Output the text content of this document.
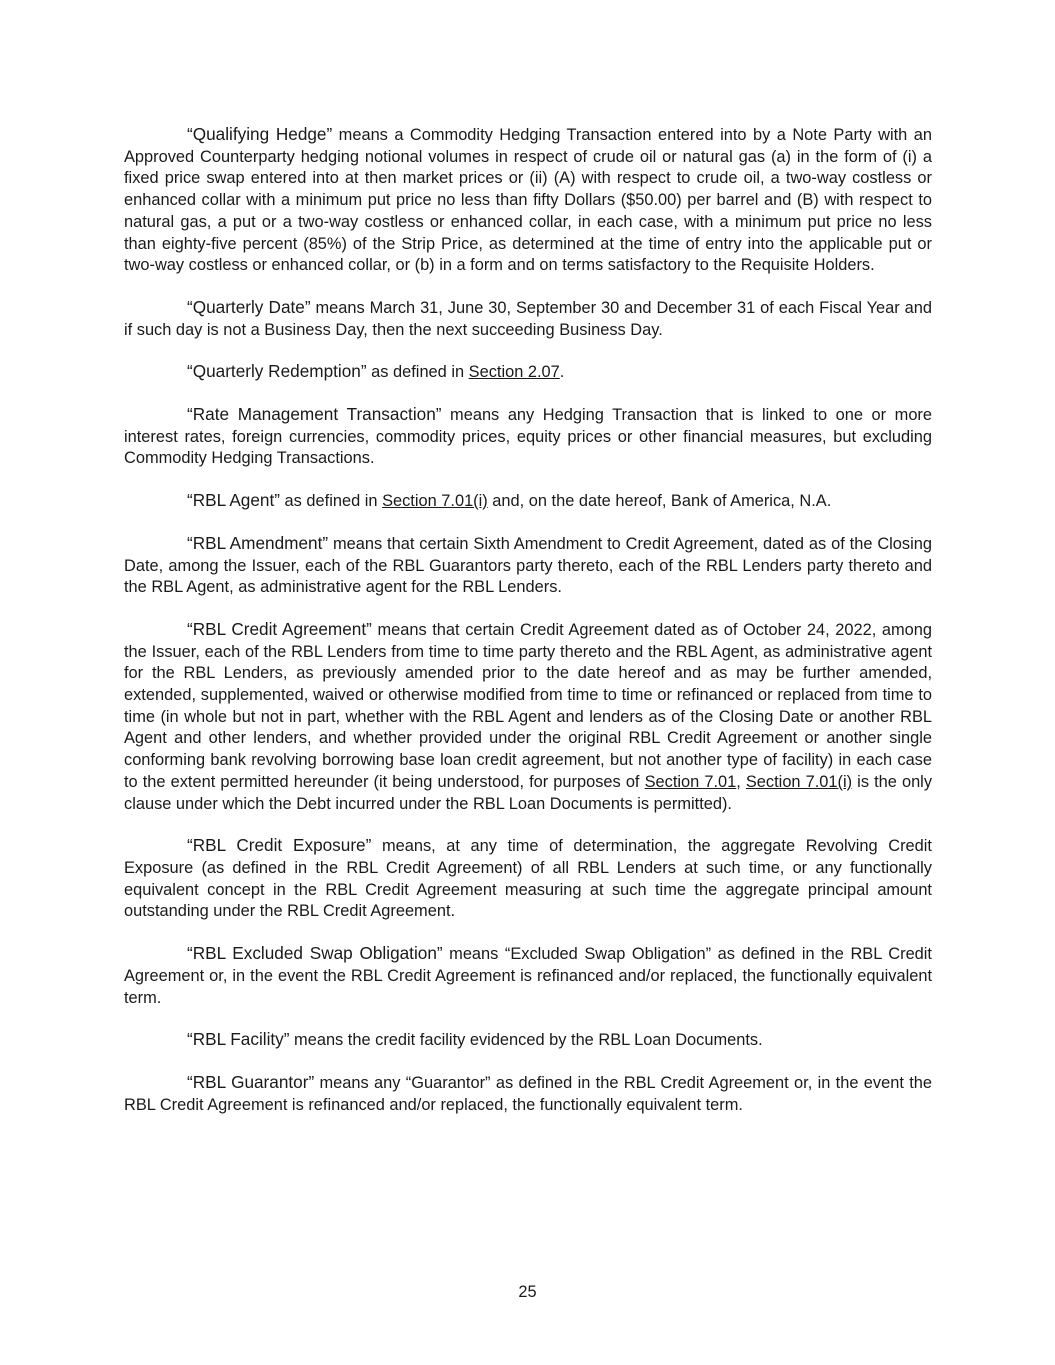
“Qualifying Hedge” means a Commodity Hedging Transaction entered into by a Note Party with an Approved Counterparty hedging notional volumes in respect of crude oil or natural gas (a) in the form of (i) a fixed price swap entered into at then market prices or (ii) (A) with respect to crude oil, a two-way costless or enhanced collar with a minimum put price no less than fifty Dollars ($50.00) per barrel and (B) with respect to natural gas, a put or a two-way costless or enhanced collar, in each case, with a minimum put price no less than eighty-five percent (85%) of the Strip Price, as determined at the time of entry into the applicable put or two-way costless or enhanced collar, or (b) in a form and on terms satisfactory to the Requisite Holders.

“Quarterly Date” means March 31, June 30, September 30 and December 31 of each Fiscal Year and if such day is not a Business Day, then the next succeeding Business Day.

“Quarterly Redemption” as defined in Section 2.07.

“Rate Management Transaction” means any Hedging Transaction that is linked to one or more interest rates, foreign currencies, commodity prices, equity prices or other financial measures, but excluding Commodity Hedging Transactions.

“RBL Agent” as defined in Section 7.01(i) and, on the date hereof, Bank of America, N.A.

“RBL Amendment” means that certain Sixth Amendment to Credit Agreement, dated as of the Closing Date, among the Issuer, each of the RBL Guarantors party thereto, each of the RBL Lenders party thereto and the RBL Agent, as administrative agent for the RBL Lenders.

“RBL Credit Agreement” means that certain Credit Agreement dated as of October 24, 2022, among the Issuer, each of the RBL Lenders from time to time party thereto and the RBL Agent, as administrative agent for the RBL Lenders, as previously amended prior to the date hereof and as may be further amended, extended, supplemented, waived or otherwise modified from time to time or refinanced or replaced from time to time (in whole but not in part, whether with the RBL Agent and lenders as of the Closing Date or another RBL Agent and other lenders, and whether provided under the original RBL Credit Agreement or another single conforming bank revolving borrowing base loan credit agreement, but not another type of facility) in each case to the extent permitted hereunder (it being understood, for purposes of Section 7.01, Section 7.01(i) is the only clause under which the Debt incurred under the RBL Loan Documents is permitted).

“RBL Credit Exposure” means, at any time of determination, the aggregate Revolving Credit Exposure (as defined in the RBL Credit Agreement) of all RBL Lenders at such time, or any functionally equivalent concept in the RBL Credit Agreement measuring at such time the aggregate principal amount outstanding under the RBL Credit Agreement.

“RBL Excluded Swap Obligation” means “Excluded Swap Obligation” as defined in the RBL Credit Agreement or, in the event the RBL Credit Agreement is refinanced and/or replaced, the functionally equivalent term.

“RBL Facility” means the credit facility evidenced by the RBL Loan Documents.

“RBL Guarantor” means any “Guarantor” as defined in the RBL Credit Agreement or, in the event the RBL Credit Agreement is refinanced and/or replaced, the functionally equivalent term.

25
